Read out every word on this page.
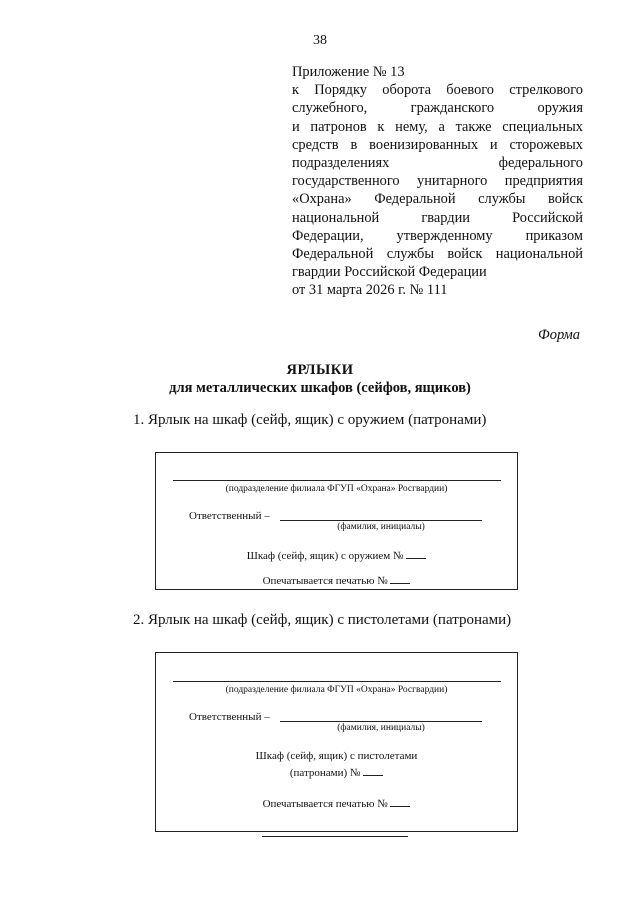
38
Приложение № 13
к Порядку оборота боевого стрелкового
служебного, гражданского оружия
и патронов к нему, а также специальных
средств в военизированных и сторожевых
подразделениях федерального
государственного унитарного предприятия
«Охрана» Федеральной службы войск
национальной гвардии Российской
Федерации, утвержденному приказом
Федеральной службы войск национальной
гвардии Российской Федерации
от 31 марта 2026 г. № 111
Форма
ЯРЛЫКИ
для металлических шкафов (сейфов, ящиков)
1. Ярлык на шкаф (сейф, ящик) с оружием (патронами)
(подразделение филиала ФГУП «Охрана» Росгвардии)
Ответственный –
(фамилия, инициалы)
Шкаф (сейф, ящик) с оружием №
Опечатывается печатью №
2. Ярлык на шкаф (сейф, ящик) с пистолетами (патронами)
(подразделение филиала ФГУП «Охрана» Росгвардии)
Ответственный –
(фамилия, инициалы)
Шкаф (сейф, ящик) с пистолетами
(патронами) №
Опечатывается печатью №
